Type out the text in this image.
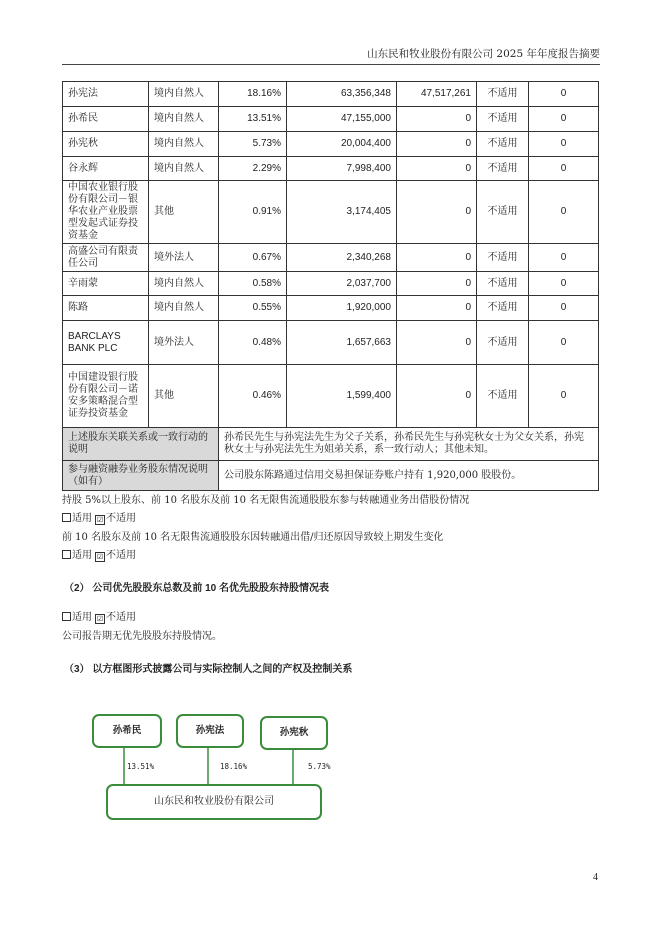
山东民和牧业股份有限公司 2025 年年度报告摘要
孙宪法	境内自然人	18.16%	63,356,348	47,517,261	不适用	0
孙希民	境内自然人	13.51%	47,155,000	0	不适用	0
孙宪秋	境内自然人	5.73%	20,004,400	0	不适用	0
谷永辉	境内自然人	2.29%	7,998,400	0	不适用	0
中国农业银行股份有限公司－银华农业产业股票型发起式证券投资基金	其他	0.91%	3,174,405	0	不适用	0
高盛公司有限责任公司	境外法人	0.67%	2,340,268	0	不适用	0
辛雨蒙	境内自然人	0.58%	2,037,700	0	不适用	0
陈路	境内自然人	0.55%	1,920,000	0	不适用	0
BARCLAYS BANK PLC	境外法人	0.48%	1,657,663	0	不适用	0
中国建设银行股份有限公司－诺安多策略混合型证券投资基金	其他	0.46%	1,599,400	0	不适用	0
上述股东关联关系或一致行动的说明		孙希民先生与孙宪法先生为父子关系，孙希民先生与孙宪秋女士为父女关系，孙宪秋女士与孙宪法先生为姐弟关系，系一致行动人；其他未知。				
参与融资融券业务股东情况说明（如有）		公司股东陈路通过信用交易担保证券账户持有 1,920,000 股股份。				
持股 5%以上股东、前 10 名股东及前 10 名无限售流通股股东参与转融通业务出借股份情况
适用 ☑ 不适用
前 10 名股东及前 10 名无限售流通股股东因转融通出借/归还原因导致较上期发生变化
适用 ☑ 不适用
（2） 公司优先股股东总数及前 10 名优先股股东持股情况表
适用 ☑ 不适用
公司报告期无优先股股东持股情况。
（3） 以方框图形式披露公司与实际控制人之间的产权及控制关系
孙希民	孙宪法	孙宪秋
13.51%	18.16%	5.73%
山东民和牧业股份有限公司
4
